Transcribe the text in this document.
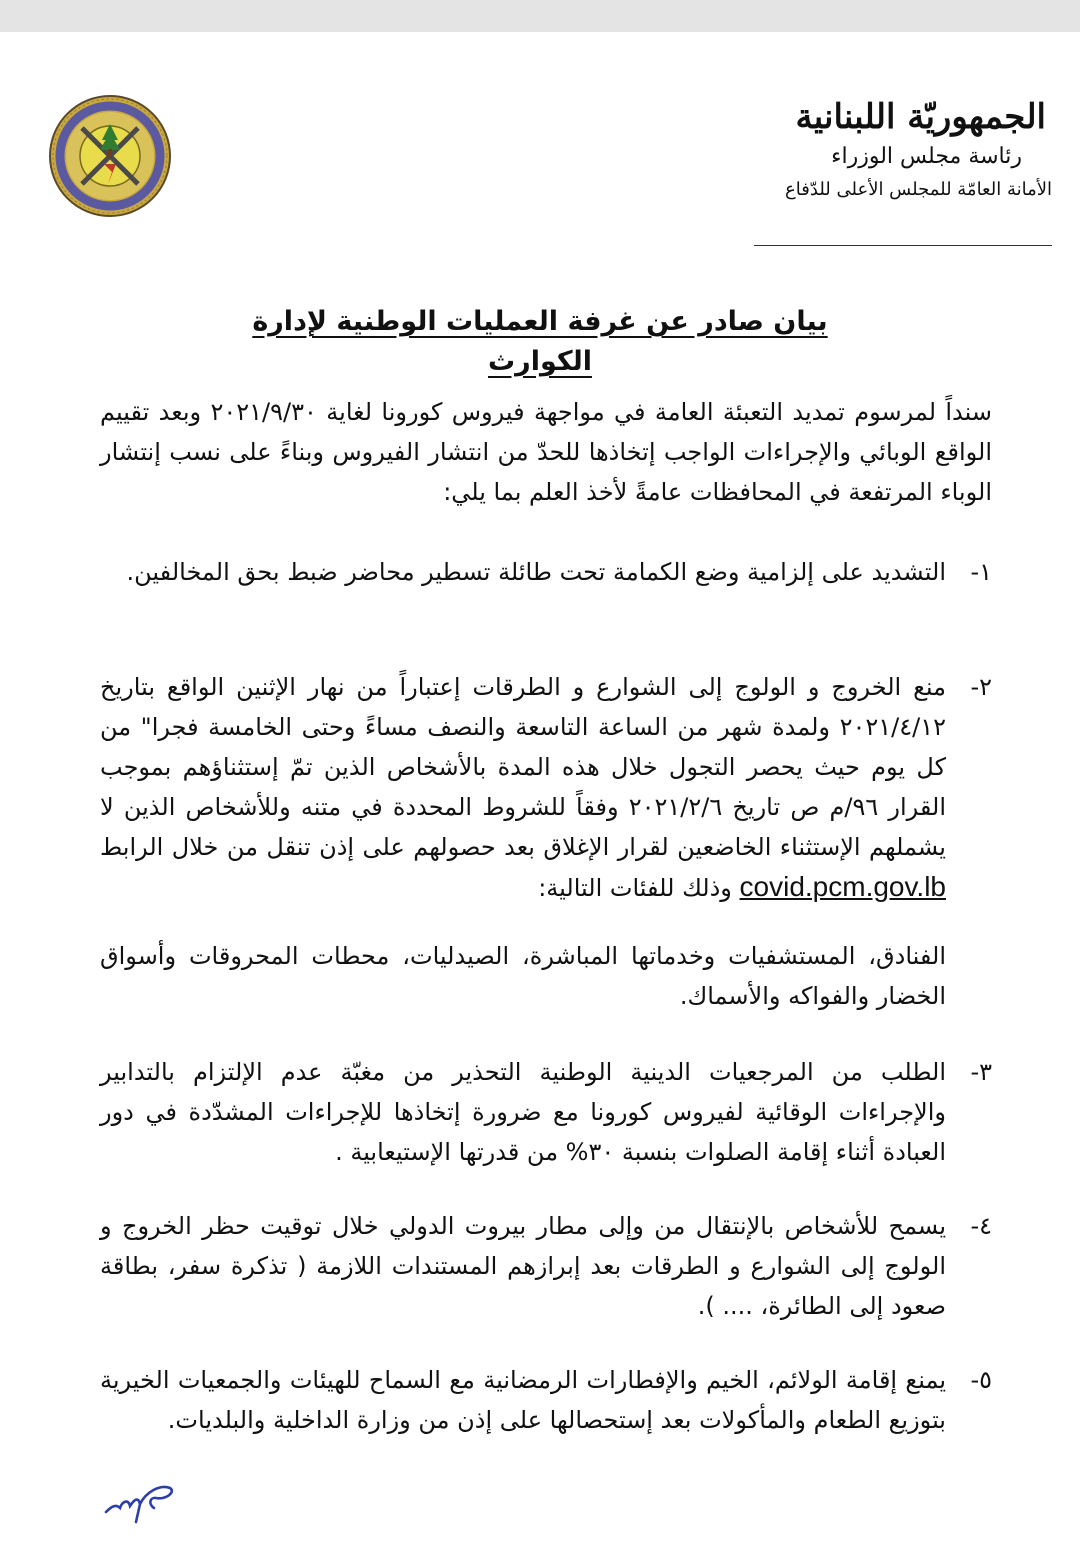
الجمهوريّة اللبنانية
رئاسة مجلس الوزراء
الأمانة العامّة للمجلس الأعلى للدّفاع
بيان صادر عن غرفة العمليات الوطنية لإدارة الكوارث
سنداً لمرسوم تمديد التعبئة العامة في مواجهة فيروس كورونا لغاية ٢٠٢١/٩/٣٠ وبعد تقييم الواقع الوبائي والإجراءات الواجب إتخاذها للحدّ من انتشار الفيروس وبناءً على نسب إنتشار الوباء المرتفعة في المحافظات عامةً لأخذ العلم بما يلي:
١-
التشديد على إلزامية وضع الكمامة تحت طائلة تسطير محاضر ضبط بحق المخالفين.
٢-
منع الخروج و الولوج إلى الشوارع و الطرقات إعتباراً من نهار الإثنين الواقع بتاريخ ٢٠٢١/٤/١٢ ولمدة شهر من الساعة التاسعة والنصف مساءً وحتى الخامسة فجرا" من كل يوم حيث يحصر التجول خلال هذه المدة بالأشخاص الذين تمّ إستثناؤهم بموجب القرار ٩٦/م ص تاريخ ٢٠٢١/٢/٦ وفقاً للشروط المحددة في متنه وللأشخاص الذين لا يشملهم الإستثناء الخاضعين لقرار الإغلاق بعد حصولهم على إذن تنقل من خلال الرابط covid.pcm.gov.lb وذلك للفئات التالية:
الفنادق، المستشفيات وخدماتها المباشرة، الصيدليات، محطات المحروقات وأسواق الخضار والفواكه والأسماك.
٣-
الطلب من المرجعيات الدينية الوطنية التحذير من مغبّة عدم الإلتزام بالتدابير والإجراءات الوقائية لفيروس كورونا مع ضرورة إتخاذها للإجراءات المشدّدة في دور العبادة أثناء إقامة الصلوات بنسبة ٣٠% من قدرتها الإستيعابية .
٤-
يسمح للأشخاص بالإنتقال من وإلى مطار بيروت الدولي خلال توقيت حظر الخروج و الولوج إلى الشوارع و الطرقات بعد إبرازهم المستندات اللازمة ( تذكرة سفر، بطاقة صعود إلى الطائرة، .... ).
٥-
يمنع إقامة الولائم، الخيم والإفطارات الرمضانية مع السماح للهيئات والجمعيات الخيرية بتوزيع الطعام والمأكولات بعد إستحصالها على إذن من وزارة الداخلية والبلديات.
